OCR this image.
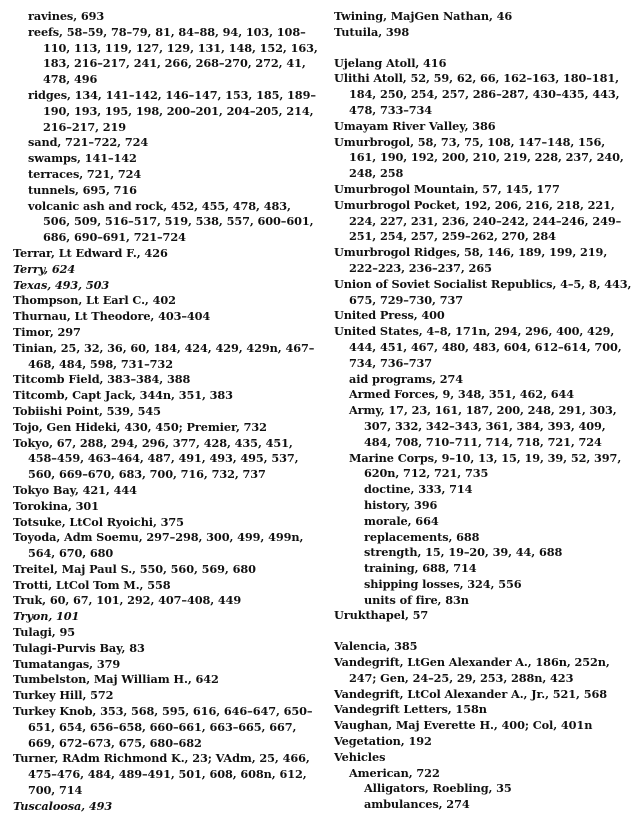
ravines, 693
reefs, 58–59, 78–79, 81, 84–88, 94, 103, 108–110, 113, 119, 127, 129, 131, 148, 152, 163, 183, 216–217, 241, 266, 268–270, 272, 41, 478, 496
ridges, 134, 141–142, 146–147, 153, 185, 189–190, 193, 195, 198, 200–201, 204–205, 214, 216–217, 219
sand, 721–722, 724
swamps, 141–142
terraces, 721, 724
tunnels, 695, 716
volcanic ash and rock, 452, 455, 478, 483, 506, 509, 516–517, 519, 538, 557, 600–601, 686, 690–691, 721–724
Terrar, Lt Edward F., 426
Terry, 624
Texas, 493, 503
Thompson, Lt Earl C., 402
Thurnau, Lt Theodore, 403–404
Timor, 297
Tinian, 25, 32, 36, 60, 184, 424, 429, 429n, 467–468, 484, 598, 731–732
Titcomb Field, 383–384, 388
Titcomb, Capt Jack, 344n, 351, 383
Tobiishi Point, 539, 545
Tojo, Gen Hideki, 430, 450; Premier, 732
Tokyo, 67, 288, 294, 296, 377, 428, 435, 451, 458–459, 463–464, 487, 491, 493, 495, 537, 560, 669–670, 683, 700, 716, 732, 737
Tokyo Bay, 421, 444
Torokina, 301
Totsuke, LtCol Ryoichi, 375
Toyoda, Adm Soemu, 297–298, 300, 499, 499n, 564, 670, 680
Treitel, Maj Paul S., 550, 560, 569, 680
Trotti, LtCol Tom M., 558
Truk, 60, 67, 101, 292, 407–408, 449
Tryon, 101
Tulagi, 95
Tulagi-Purvis Bay, 83
Tumatangas, 379
Tumbelston, Maj William H., 642
Turkey Hill, 572
Turkey Knob, 353, 568, 595, 616, 646–647, 650–651, 654, 656–658, 660–661, 663–665, 667, 669, 672–673, 675, 680–682
Turner, RAdm Richmond K., 23; VAdm, 25, 466, 475–476, 484, 489–491, 501, 608, 608n, 612, 700, 714
Tuscaloosa, 493
Twining, MajGen Nathan, 46
Tutuila, 398
Ujelang Atoll, 416
Ulithi Atoll, 52, 59, 62, 66, 162–163, 180–181, 184, 250, 254, 257, 286–287, 430–435, 443, 478, 733–734
Umayam River Valley, 386
Umurbrogol, 58, 73, 75, 108, 147–148, 156, 161, 190, 192, 200, 210, 219, 228, 237, 240, 248, 258
Umurbrogol Mountain, 57, 145, 177
Umurbrogol Pocket, 192, 206, 216, 218, 221, 224, 227, 231, 236, 240–242, 244–246, 249–251, 254, 257, 259–262, 270, 284
Umurbrogol Ridges, 58, 146, 189, 199, 219, 222–223, 236–237, 265
Union of Soviet Socialist Republics, 4–5, 8, 443, 675, 729–730, 737
United Press, 400
United States, 4–8, 171n, 294, 296, 400, 429, 444, 451, 467, 480, 483, 604, 612–614, 700, 734, 736–737
aid programs, 274
Armed Forces, 9, 348, 351, 462, 644
Army, 17, 23, 161, 187, 200, 248, 291, 303, 307, 332, 342–343, 361, 384, 393, 409, 484, 708, 710–711, 714, 718, 721, 724
Marine Corps, 9–10, 13, 15, 19, 39, 52, 397, 620n, 712, 721, 735
doctine, 333, 714
history, 396
morale, 664
replacements, 688
strength, 15, 19–20, 39, 44, 688
training, 688, 714
shipping losses, 324, 556
units of fire, 83n
Urukthapel, 57
Valencia, 385
Vandegrift, LtGen Alexander A., 186n, 252n, 247; Gen, 24–25, 29, 253, 288n, 423
Vandegrift, LtCol Alexander A., Jr., 521, 568
Vandegrift Letters, 158n
Vaughan, Maj Everette H., 400; Col, 401n
Vegetation, 192
Vehicles
American, 722
Alligators, Roebling, 35
ambulances, 274
